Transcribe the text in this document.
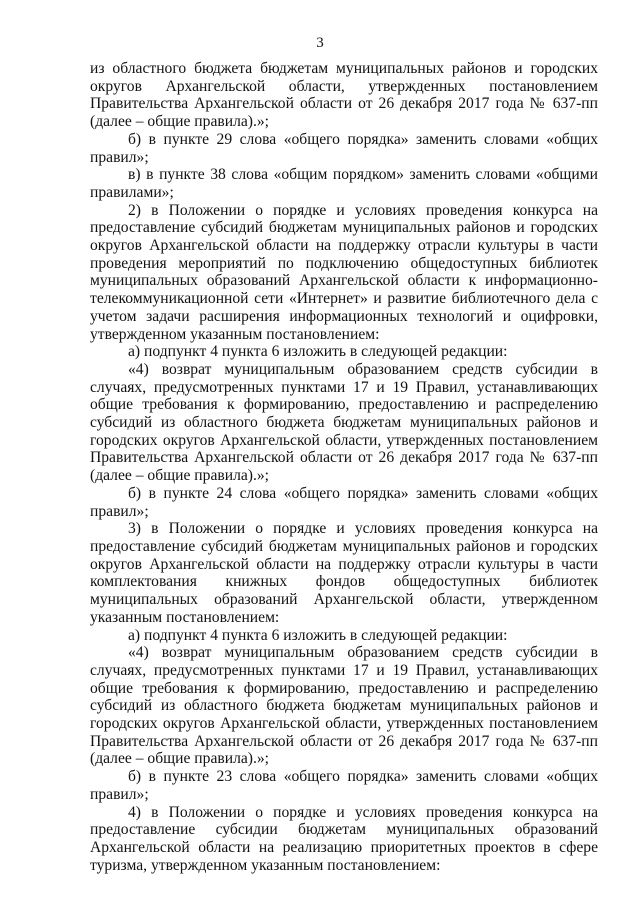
3

из областного бюджета бюджетам муниципальных районов и городских округов Архангельской области, утвержденных постановлением Правительства Архангельской области от 26 декабря 2017 года № 637-пп (далее – общие правила).»;

б) в пункте 29 слова «общего порядка» заменить словами «общих правил»;

в) в пункте 38 слова «общим порядком» заменить словами «общими правилами»;

2) в Положении о порядке и условиях проведения конкурса на предоставление субсидий бюджетам муниципальных районов и городских округов Архангельской области на поддержку отрасли культуры в части проведения мероприятий по подключению общедоступных библиотек муниципальных образований Архангельской области к информационно-телекоммуникационной сети «Интернет» и развитие библиотечного дела с учетом задачи расширения информационных технологий и оцифровки, утвержденном указанным постановлением:

а) подпункт 4 пункта 6 изложить в следующей редакции:

«4) возврат муниципальным образованием средств субсидии в случаях, предусмотренных пунктами 17 и 19 Правил, устанавливающих общие требования к формированию, предоставлению и распределению субсидий из областного бюджета бюджетам муниципальных районов и городских округов Архангельской области, утвержденных постановлением Правительства Архангельской области от 26 декабря 2017 года № 637-пп (далее – общие правила).»;

б) в пункте 24 слова «общего порядка» заменить словами «общих правил»;

3) в Положении о порядке и условиях проведения конкурса на предоставление субсидий бюджетам муниципальных районов и городских округов Архангельской области на поддержку отрасли культуры в части комплектования книжных фондов общедоступных библиотек муниципальных образований Архангельской области, утвержденном указанным постановлением:

а) подпункт 4 пункта 6 изложить в следующей редакции:

«4) возврат муниципальным образованием средств субсидии в случаях, предусмотренных пунктами 17 и 19 Правил, устанавливающих общие требования к формированию, предоставлению и распределению субсидий из областного бюджета бюджетам муниципальных районов и городских округов Архангельской области, утвержденных постановлением Правительства Архангельской области от 26 декабря 2017 года № 637-пп (далее – общие правила).»;

б) в пункте 23 слова «общего порядка» заменить словами «общих правил»;

4) в Положении о порядке и условиях проведения конкурса на предоставление субсидии бюджетам муниципальных образований Архангельской области на реализацию приоритетных проектов в сфере туризма, утвержденном указанным постановлением:
